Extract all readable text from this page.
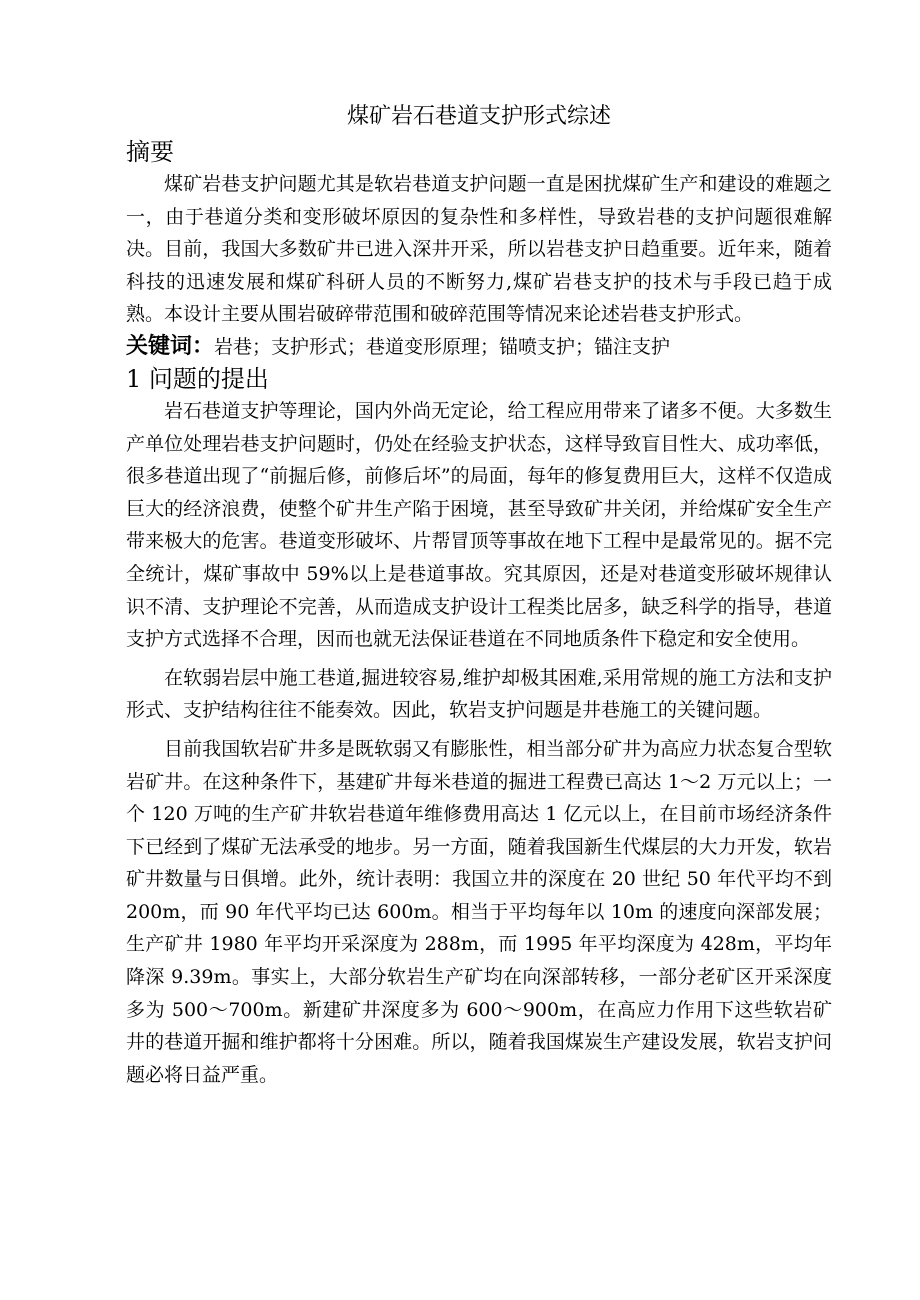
煤矿岩石巷道支护形式综述
摘要

煤矿岩巷支护问题尤其是软岩巷道支护问题一直是困扰煤矿生产和建设的难题之一，由于巷道分类和变形破坏原因的复杂性和多样性，导致岩巷的支护问题很难解决。目前，我国大多数矿井已进入深井开采，所以岩巷支护日趋重要。近年来，随着科技的迅速发展和煤矿科研人员的不断努力,煤矿岩巷支护的技术与手段已趋于成熟。本设计主要从围岩破碎带范围和破碎范围等情况来论述岩巷支护形式。

关键词：岩巷；支护形式；巷道变形原理；锚喷支护；锚注支护

1 问题的提出

岩石巷道支护等理论，国内外尚无定论，给工程应用带来了诸多不便。大多数生产单位处理岩巷支护问题时，仍处在经验支护状态，这样导致盲目性大、成功率低，很多巷道出现了“前掘后修，前修后坏”的局面，每年的修复费用巨大，这样不仅造成巨大的经济浪费，使整个矿井生产陷于困境，甚至导致矿井关闭，并给煤矿安全生产带来极大的危害。巷道变形破坏、片帮冒顶等事故在地下工程中是最常见的。据不完全统计，煤矿事故中 59%以上是巷道事故。究其原因，还是对巷道变形破坏规律认识不清、支护理论不完善，从而造成支护设计工程类比居多，缺乏科学的指导，巷道支护方式选择不合理，因而也就无法保证巷道在不同地质条件下稳定和安全使用。

在软弱岩层中施工巷道,掘进较容易,维护却极其困难,采用常规的施工方法和支护形式、支护结构往往不能奏效。因此，软岩支护问题是井巷施工的关键问题。

目前我国软岩矿井多是既软弱又有膨胀性，相当部分矿井为高应力状态复合型软岩矿井。在这种条件下，基建矿井每米巷道的掘进工程费已高达 1～2 万元以上；一个 120 万吨的生产矿井软岩巷道年维修费用高达 1 亿元以上，在目前市场经济条件下已经到了煤矿无法承受的地步。另一方面，随着我国新生代煤层的大力开发，软岩矿井数量与日俱增。此外，统计表明：我国立井的深度在 20 世纪 50 年代平均不到 200m，而 90 年代平均已达 600m。相当于平均每年以 10m 的速度向深部发展；生产矿井 1980 年平均开采深度为 288m，而 1995 年平均深度为 428m，平均年降深 9.39m。事实上，大部分软岩生产矿均在向深部转移，一部分老矿区开采深度多为 500～700m。新建矿井深度多为 600～900m，在高应力作用下这些软岩矿井的巷道开掘和维护都将十分困难。所以，随着我国煤炭生产建设发展，软岩支护问题必将日益严重。
